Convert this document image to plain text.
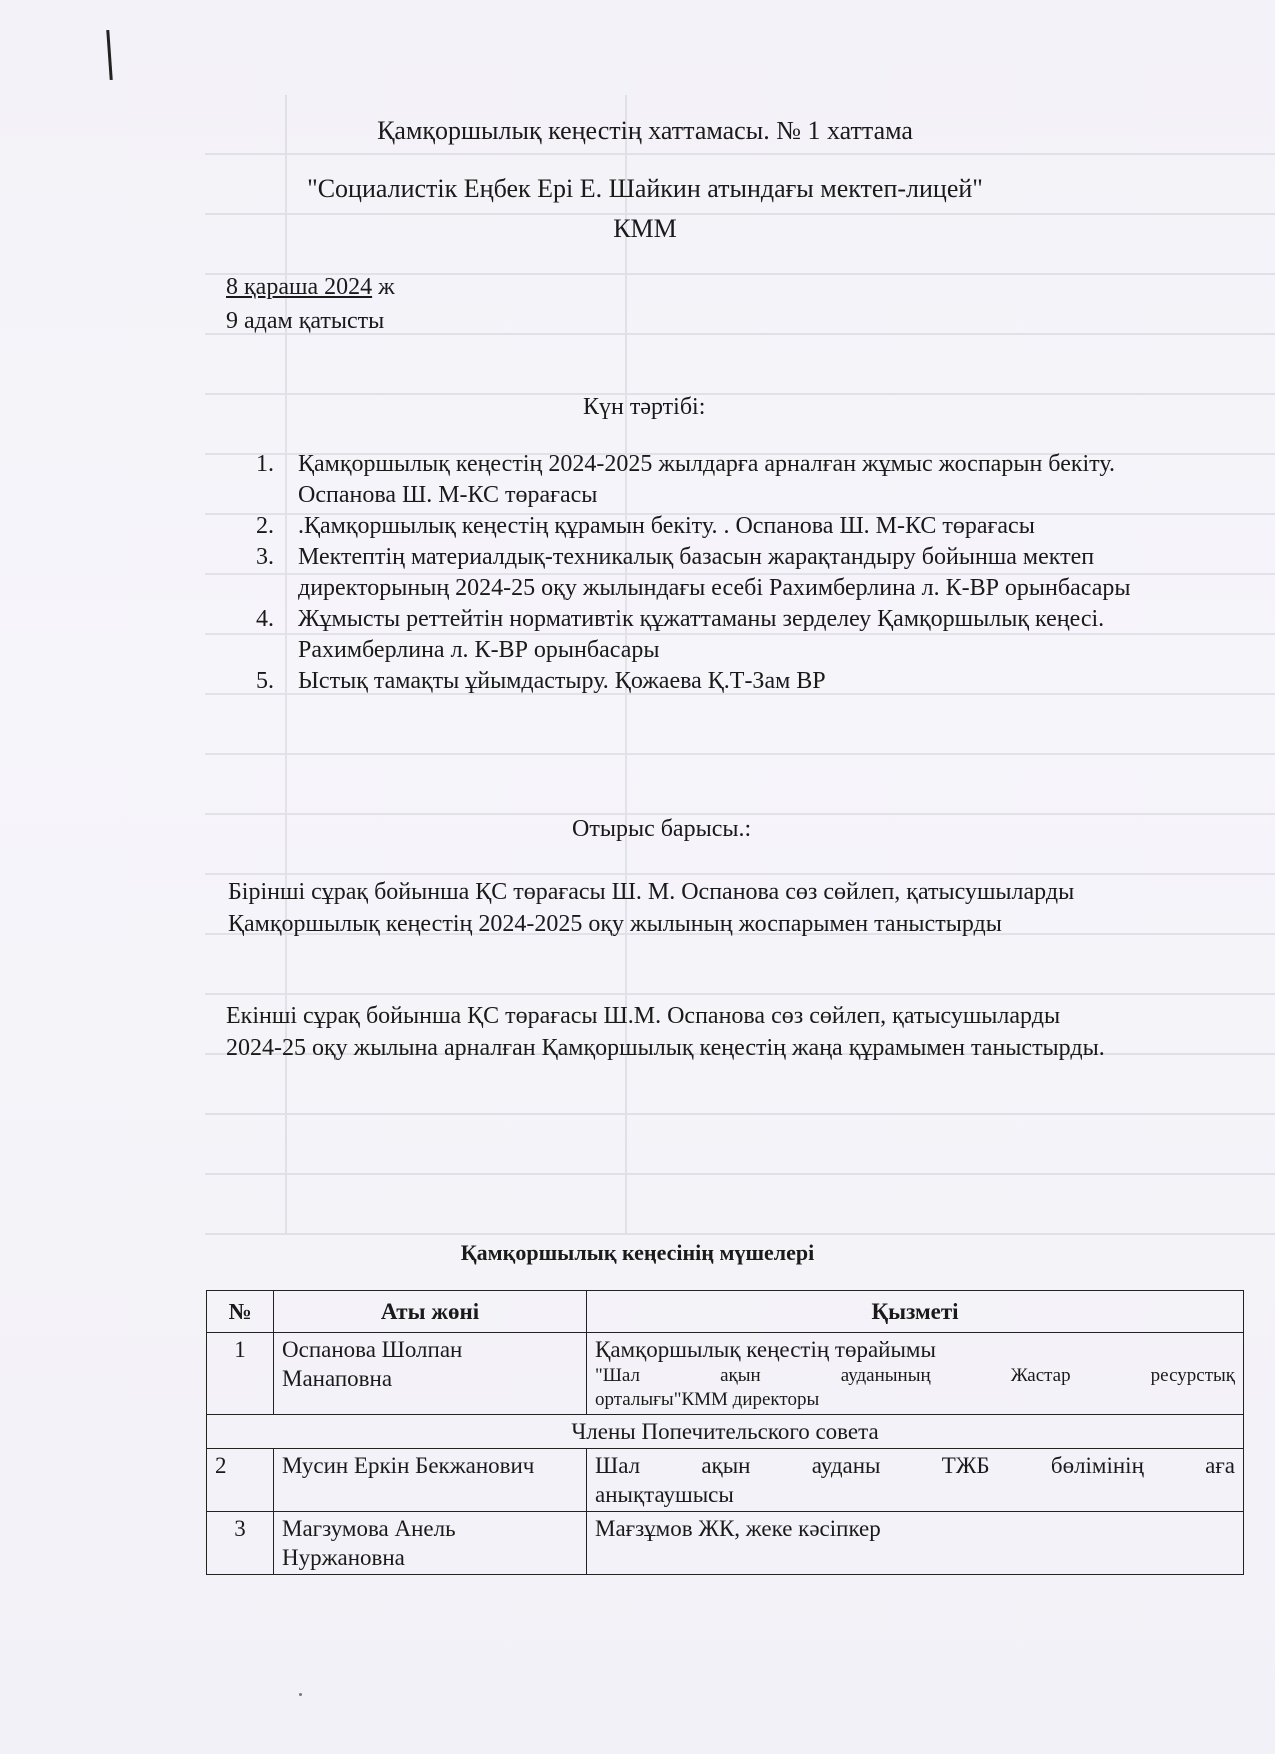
Қамқоршылық кеңестің хаттамасы. № 1 хаттама
"Социалистік Еңбек Ері Е. Шайкин атындағы мектеп-лицей"
КММ
8 қараша 2024 ж
9 адам қатысты
Күн тәртібі:
1. Қамқоршылық кеңестің 2024-2025 жылдарға арналған жұмыс жоспарын бекіту. Оспанова Ш. М-КС төрағасы
2. .Қамқоршылық кеңестің құрамын бекіту. . Оспанова Ш. М-КС төрағасы
3. Мектептің материалдық-техникалық базасын жарақтандыру бойынша мектеп директорының 2024-25 оқу жылындағы есебі Рахимберлина л. К-ВР орынбасары
4. Жұмысты реттейтін нормативтік құжаттаманы зерделеу Қамқоршылық кеңесі. Рахимберлина л. К-ВР орынбасары
5. Ыстық тамақты ұйымдастыру. Қожаева Қ.Т-Зам ВР
Отырыс барысы.:
Бірінші сұрақ бойынша ҚС төрағасы Ш. М. Оспанова сөз сөйлеп, қатысушыларды Қамқоршылық кеңестің 2024-2025 оқу жылының жоспарымен таныстырды
Екінші сұрақ бойынша ҚС төрағасы Ш.М. Оспанова сөз сөйлеп, қатысушыларды 2024-25 оқу жылына арналған Қамқоршылық кеңестің жаңа құрамымен таныстырды.
Қамқоршылық кеңесінің мүшелері
№	Аты жөні	Қызметі
1	Оспанова Шолпан Манаповна	Қамқоршылық кеңестің төрайымы
"Шал ақын ауданының Жастар ресурстық
орталығы"КММ директоры

Члены Попечительского совета		
2	Мусин Еркін Бекжанович	Шал ақын ауданы ТЖБ бөлімінің аға
анықтаушысы
3	Магзумова Анель Нуржановна	Мағзұмов ЖК, жеке кәсіпкер
